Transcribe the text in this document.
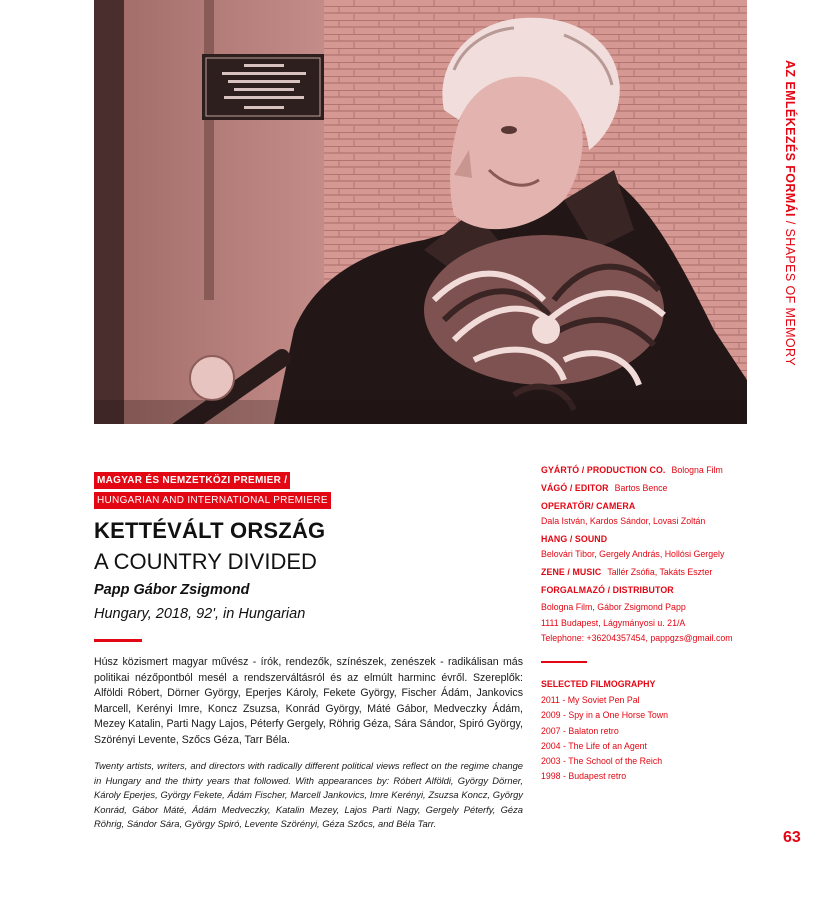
AZ EMLÉKEZÉS FORMÁI / SHAPES OF MEMORY
MAGYAR ÉS NEMZETKÖZI PREMIER /
HUNGARIAN AND INTERNATIONAL PREMIERE
KETTÉVÁLT ORSZÁG
A COUNTRY DIVIDED
Papp Gábor Zsigmond
Hungary, 2018, 92', in Hungarian

Húsz közismert magyar művész - írók, rendezők, színészek, zenészek - radikálisan más politikai nézőpontból mesél a rendszerváltásról és az elmúlt harminc évről. Szereplők: Alföldi Róbert, Dörner György, Eperjes Károly, Fekete György, Fischer Ádám, Jankovics Marcell, Kerényi Imre, Koncz Zsuzsa, Konrád György, Máté Gábor, Medveczky Ádám, Mezey Katalin, Parti Nagy Lajos, Péterfy Gergely, Röhrig Géza, Sára Sándor, Spiró György, Szörényi Levente, Szőcs Géza, Tarr Béla.

Twenty artists, writers, and directors with radically different political views reflect on the regime change in Hungary and the thirty years that followed. With appearances by: Róbert Alföldi, György Dörner, Károly Eperjes, György Fekete, Ádám Fischer, Marcell Jankovics, Imre Kerényi, Zsuzsa Koncz, György Konrád, Gábor Máté, Ádám Medveczky, Katalin Mezey, Lajos Parti Nagy, Gergely Péterfy, Géza Röhrig, Sándor Sára, György Spiró, Levente Szörényi, Géza Szőcs, and Béla Tarr.

GYÁRTÓ / PRODUCTION CO. Bologna Film
VÁGÓ / EDITOR Bartos Bence
OPERATŐR/ CAMERA
Dala István, Kardos Sándor, Lovasi Zoltán
HANG / SOUND
Belovári Tibor, Gergely András, Hollósi Gergely
ZENE / MUSIC Tallér Zsófia, Takáts Eszter
FORGALMAZÓ / DISTRIBUTOR
Bologna Film, Gábor Zsigmond Papp
1111 Budapest, Lágymányosi u. 21/A
Telephone: +36204357454, pappgzs@gmail.com
SELECTED FILMOGRAPHY
2011 - My Soviet Pen Pal
2009 - Spy in a One Horse Town
2007 - Balaton retro
2004 - The Life of an Agent
2003 - The School of the Reich
1998 - Budapest retro
63
